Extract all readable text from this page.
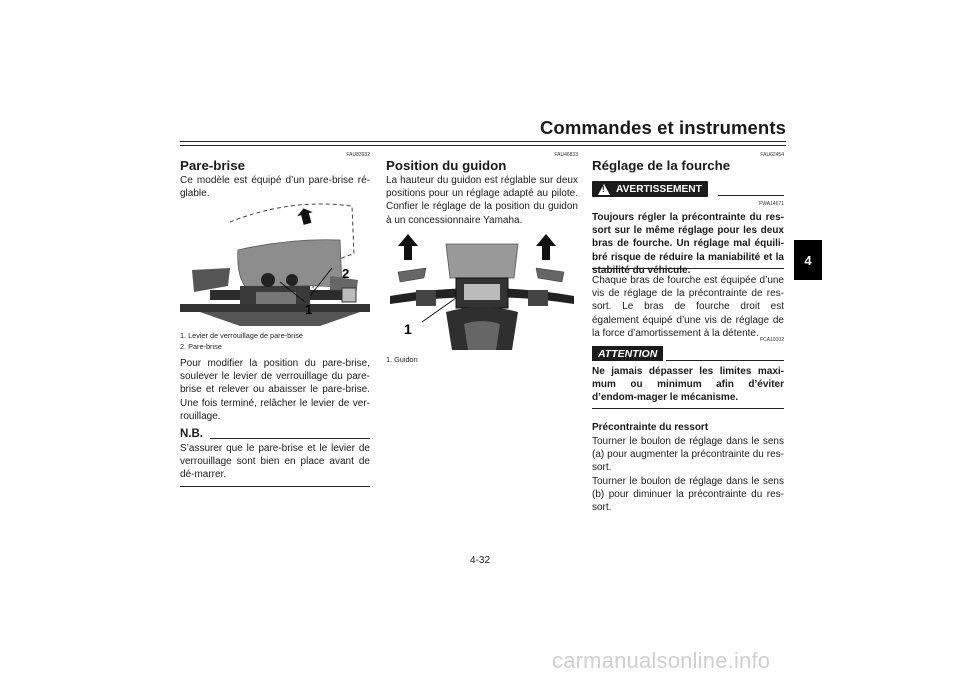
Commandes et instruments
4
FAU83932
Pare-brise
Ce modèle est équipé d’un pare-brise ré-glable.
2
1
1. Levier de verrouillage de pare-brise
2. Pare-brise
Pour modifier la position du pare-brise, soulever le levier de verrouillage du pare-brise et relever ou abaisser le pare-brise. Une fois terminé, relâcher le levier de ver-rouillage.
N.B.
S’assurer que le pare-brise et le levier de verrouillage sont bien en place avant de dé-marrer.
FAU46833
Position du guidon
La hauteur du guidon est réglable sur deux positions pour un réglage adapté au pilote. Confier le réglage de la position du guidon à un concessionnaire Yamaha.
1
1. Guidon
FAU62454
Réglage de la fourche
! AVERTISSEMENT
FWA14671
Toujours régler la précontrainte du res-sort sur le même réglage pour les deux bras de fourche. Un réglage mal équili-bré risque de réduire la maniabilité et la stabilité du véhicule.
Chaque bras de fourche est équipée d’une vis de réglage de la précontrainte de res-sort. Le bras de fourche droit est également équipé d’une vis de réglage de la force d’amortissement à la détente.
ATTENTION
FCA10102
Ne jamais dépasser les limites maxi-mum ou minimum afin d’éviter d’endom-mager le mécanisme.
Précontrainte du ressort
Tourner le boulon de réglage dans le sens (a) pour augmenter la précontrainte du res-sort.
Tourner le boulon de réglage dans le sens (b) pour diminuer la précontrainte du res-sort.
4-32
carmanualsonline.info
